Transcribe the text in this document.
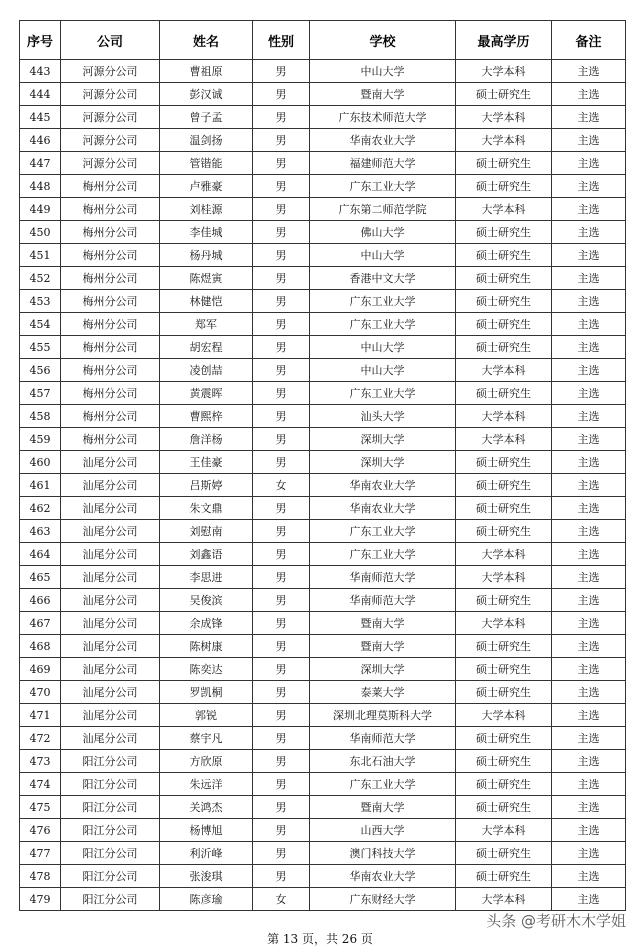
序号	公司	姓名	性别	学校	最高学历	备注
443	河源分公司	曹祖原	男	中山大学	大学本科	主选
444	河源分公司	彭汉诚	男	暨南大学	硕士研究生	主选
445	河源分公司	曾子孟	男	广东技术师范大学	大学本科	主选
446	河源分公司	温剑扬	男	华南农业大学	大学本科	主选
447	河源分公司	管锴能	男	福建师范大学	硕士研究生	主选
448	梅州分公司	卢雅豪	男	广东工业大学	硕士研究生	主选
449	梅州分公司	刘桂源	男	广东第二师范学院	大学本科	主选
450	梅州分公司	李佳城	男	佛山大学	硕士研究生	主选
451	梅州分公司	杨丹城	男	中山大学	硕士研究生	主选
452	梅州分公司	陈煜寅	男	香港中文大学	硕士研究生	主选
453	梅州分公司	林健恺	男	广东工业大学	硕士研究生	主选
454	梅州分公司	郑军	男	广东工业大学	硕士研究生	主选
455	梅州分公司	胡宏程	男	中山大学	硕士研究生	主选
456	梅州分公司	凌创喆	男	中山大学	大学本科	主选
457	梅州分公司	黄震晖	男	广东工业大学	硕士研究生	主选
458	梅州分公司	曹熙梓	男	汕头大学	大学本科	主选
459	梅州分公司	詹洋杨	男	深圳大学	大学本科	主选
460	汕尾分公司	王佳豪	男	深圳大学	硕士研究生	主选
461	汕尾分公司	吕斯婷	女	华南农业大学	硕士研究生	主选
462	汕尾分公司	朱文鼎	男	华南农业大学	硕士研究生	主选
463	汕尾分公司	刘慰南	男	广东工业大学	硕士研究生	主选
464	汕尾分公司	刘鑫语	男	广东工业大学	大学本科	主选
465	汕尾分公司	李思进	男	华南师范大学	大学本科	主选
466	汕尾分公司	吴俊滨	男	华南师范大学	硕士研究生	主选
467	汕尾分公司	余成锋	男	暨南大学	大学本科	主选
468	汕尾分公司	陈树康	男	暨南大学	硕士研究生	主选
469	汕尾分公司	陈奕达	男	深圳大学	硕士研究生	主选
470	汕尾分公司	罗凯桐	男	泰莱大学	硕士研究生	主选
471	汕尾分公司	郭锐	男	深圳北理莫斯科大学	大学本科	主选
472	汕尾分公司	蔡宇凡	男	华南师范大学	硕士研究生	主选
473	阳江分公司	方欣原	男	东北石油大学	硕士研究生	主选
474	阳江分公司	朱远洋	男	广东工业大学	硕士研究生	主选
475	阳江分公司	关鸿杰	男	暨南大学	硕士研究生	主选
476	阳江分公司	杨博旭	男	山西大学	大学本科	主选
477	阳江分公司	利沂峰	男	澳门科技大学	硕士研究生	主选
478	阳江分公司	张浚琪	男	华南农业大学	硕士研究生	主选
479	阳江分公司	陈彦瑜	女	广东财经大学	大学本科	主选
头条 @考研木木学姐
第 13 页，共 26 页
